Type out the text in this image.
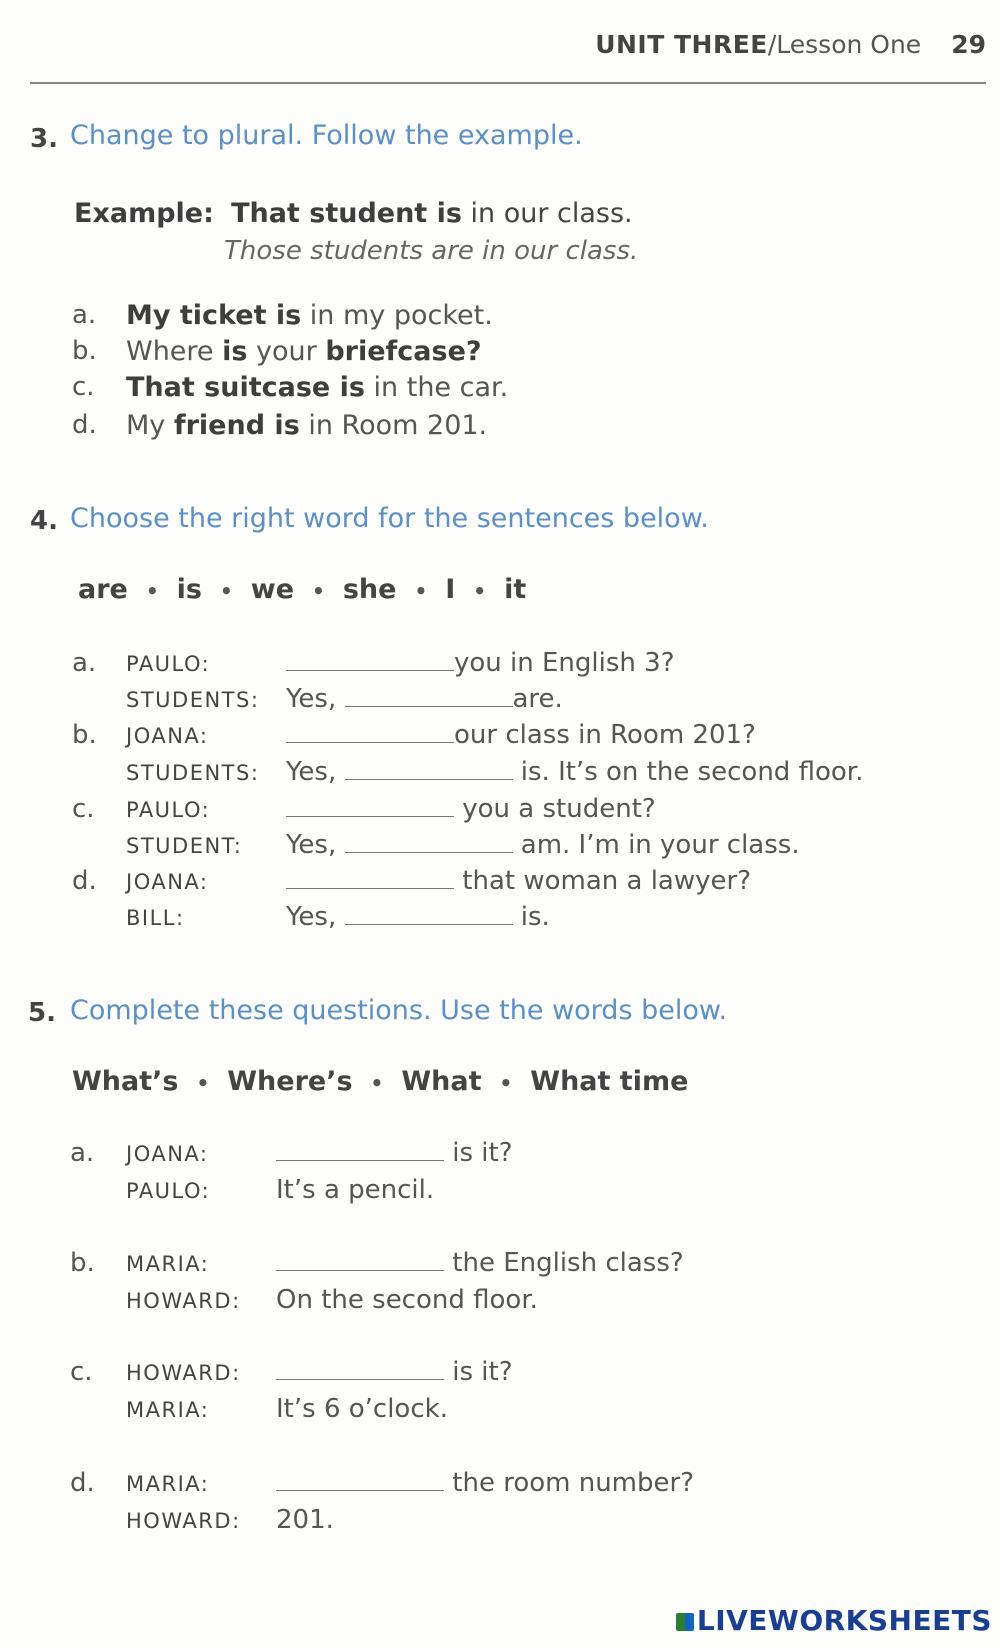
UNIT THREE/Lesson One 29
3. Change to plural. Follow the example.
Example: That student is in our class.
Those students are in our class.
a. My ticket is in my pocket.
b. Where is your briefcase?
c. That suitcase is in the car.
d. My friend is in Room 201.
4. Choose the right word for the sentences below.
are • is • we • she • I • it
a. PAULO:	you in English 3?
STUDENTS: Yes,	are.
b. JOANA:	our class in Room 201?
STUDENTS: Yes,	is. It’s on the second floor.
c. PAULO:	you a student?
STUDENT: Yes,	am. I’m in your class.
d. JOANA:	that woman a lawyer?
BILL:	Yes,	is.
5. Complete these questions. Use the words below.
What’s • Where’s • What • What time
a. JOANA:	is it?
PAULO:	It’s a pencil.
b. MARIA:	the English class?
HOWARD: On the second floor.
c. HOWARD:	is it?
MARIA:	It’s 6 o’clock.
d. MARIA:	the room number?
HOWARD: 201.
LIVEWORKSHEETS
